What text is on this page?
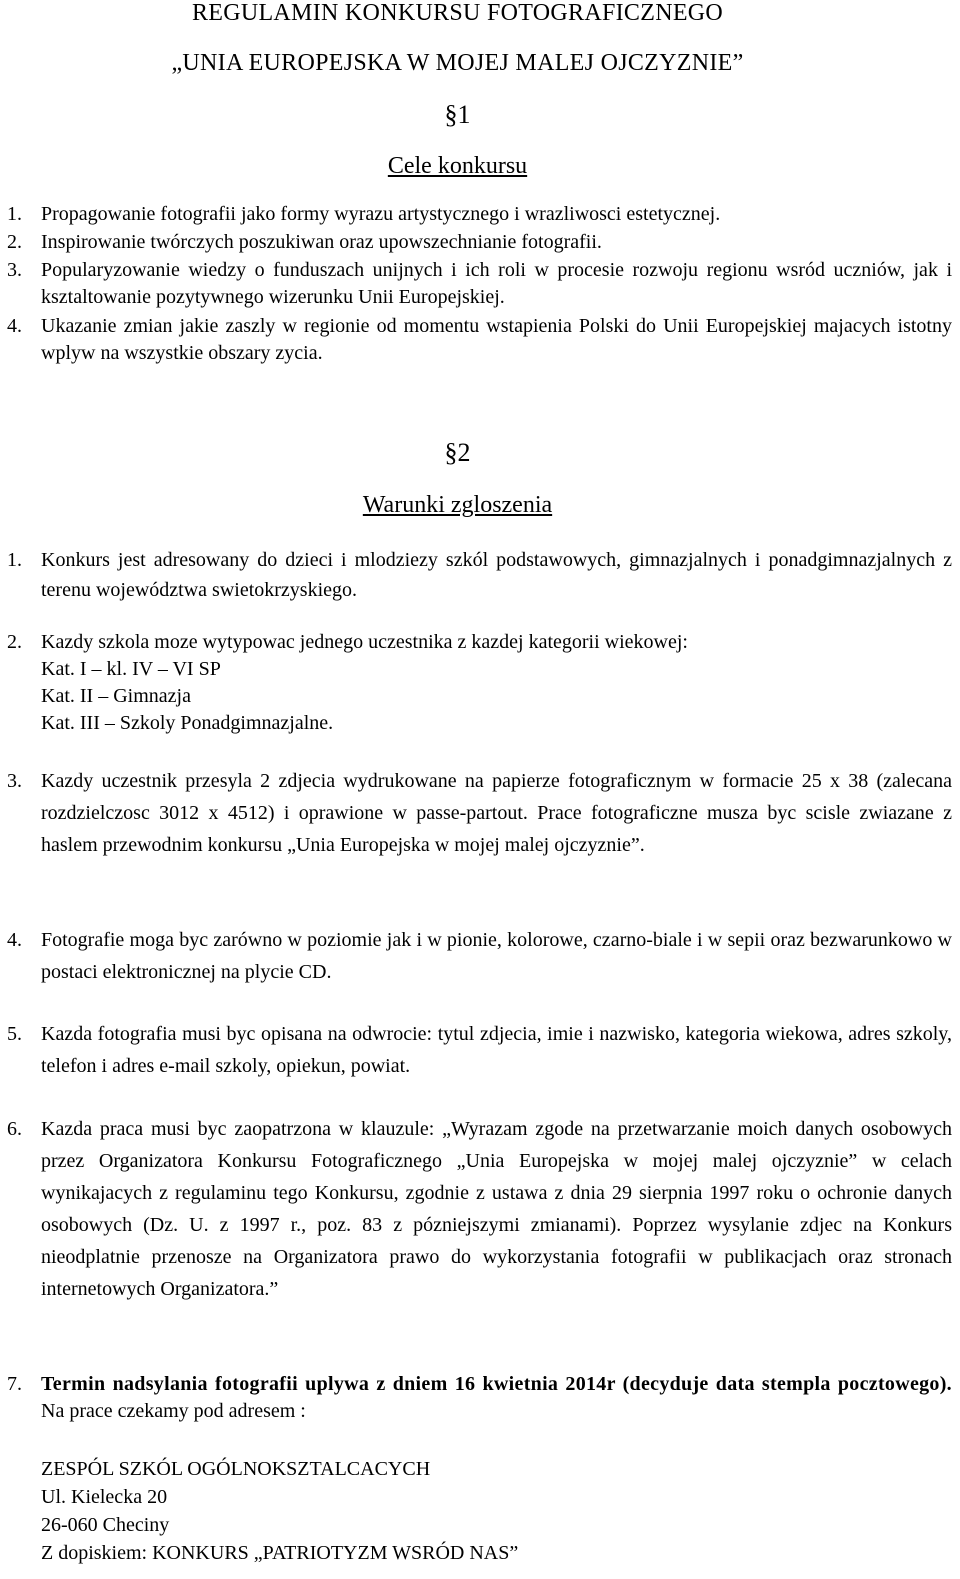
REGULAMIN KONKURSU FOTOGRAFICZNEGO
„UNIA EUROPEJSKA W MOJEJ MALEJ OJCZYZNIE”
§1
Cele konkursu
1. Propagowanie fotografii jako formy wyrazu artystycznego i wrazliwosci estetycznej.
2. Inspirowanie twórczych poszukiwan oraz upowszechnianie fotografii.
3. Popularyzowanie wiedzy o funduszach unijnych i ich roli w procesie rozwoju regionu wsród uczniów, jak i ksztaltowanie pozytywnego wizerunku Unii Europejskiej.
4. Ukazanie zmian jakie zaszly w regionie od momentu wstapienia Polski do Unii Europejskiej majacych istotny wplyw na wszystkie obszary zycia.
§2
Warunki zgloszenia
1. Konkurs jest adresowany do dzieci i mlodziezy szkól podstawowych, gimnazjalnych i ponadgimnazjalnych z terenu województwa swietokrzyskiego.
2. Kazdy szkola moze wytypowac jednego uczestnika z kazdej kategorii wiekowej:
Kat. I – kl. IV – VI SP
Kat. II – Gimnazja
Kat. III – Szkoly Ponadgimnazjalne.
3. Kazdy uczestnik przesyla 2 zdjecia wydrukowane na papierze fotograficznym w formacie 25 x 38 (zalecana rozdzielczosc 3012 x 4512) i oprawione w passe-partout. Prace fotograficzne musza byc scisle zwiazane z haslem przewodnim konkursu „Unia Europejska w mojej malej ojczyznie”.
4. Fotografie moga byc zarówno w poziomie jak i w pionie, kolorowe, czarno-biale i w sepii oraz bezwarunkowo w postaci elektronicznej na plycie CD.
5. Kazda fotografia musi byc opisana na odwrocie: tytul zdjecia, imie i nazwisko, kategoria wiekowa, adres szkoly, telefon i adres e-mail szkoly, opiekun, powiat.
6. Kazda praca musi byc zaopatrzona w klauzule: „Wyrazam zgode na przetwarzanie moich danych osobowych przez Organizatora Konkursu Fotograficznego „Unia Europejska w mojej malej ojczyznie” w celach wynikajacych z regulaminu tego Konkursu, zgodnie z ustawa z dnia 29 sierpnia 1997 roku o ochronie danych osobowych (Dz. U. z 1997 r., poz. 83 z pózniejszymi zmianami). Poprzez wysylanie zdjec na Konkurs nieodplatnie przenosze na Organizatora prawo do wykorzystania fotografii w publikacjach oraz stronach internetowych Organizatora.”
7. Termin nadsylania fotografii uplywa z dniem 16 kwietnia 2014r (decyduje data stempla pocztowego). Na prace czekamy pod adresem :
ZESPÓL SZKÓL OGÓLNOKSZTALCACYCH
Ul. Kielecka 20
26-060 Checiny
Z dopiskiem: KONKURS „PATRIOTYZM WSRÓD NAS”
